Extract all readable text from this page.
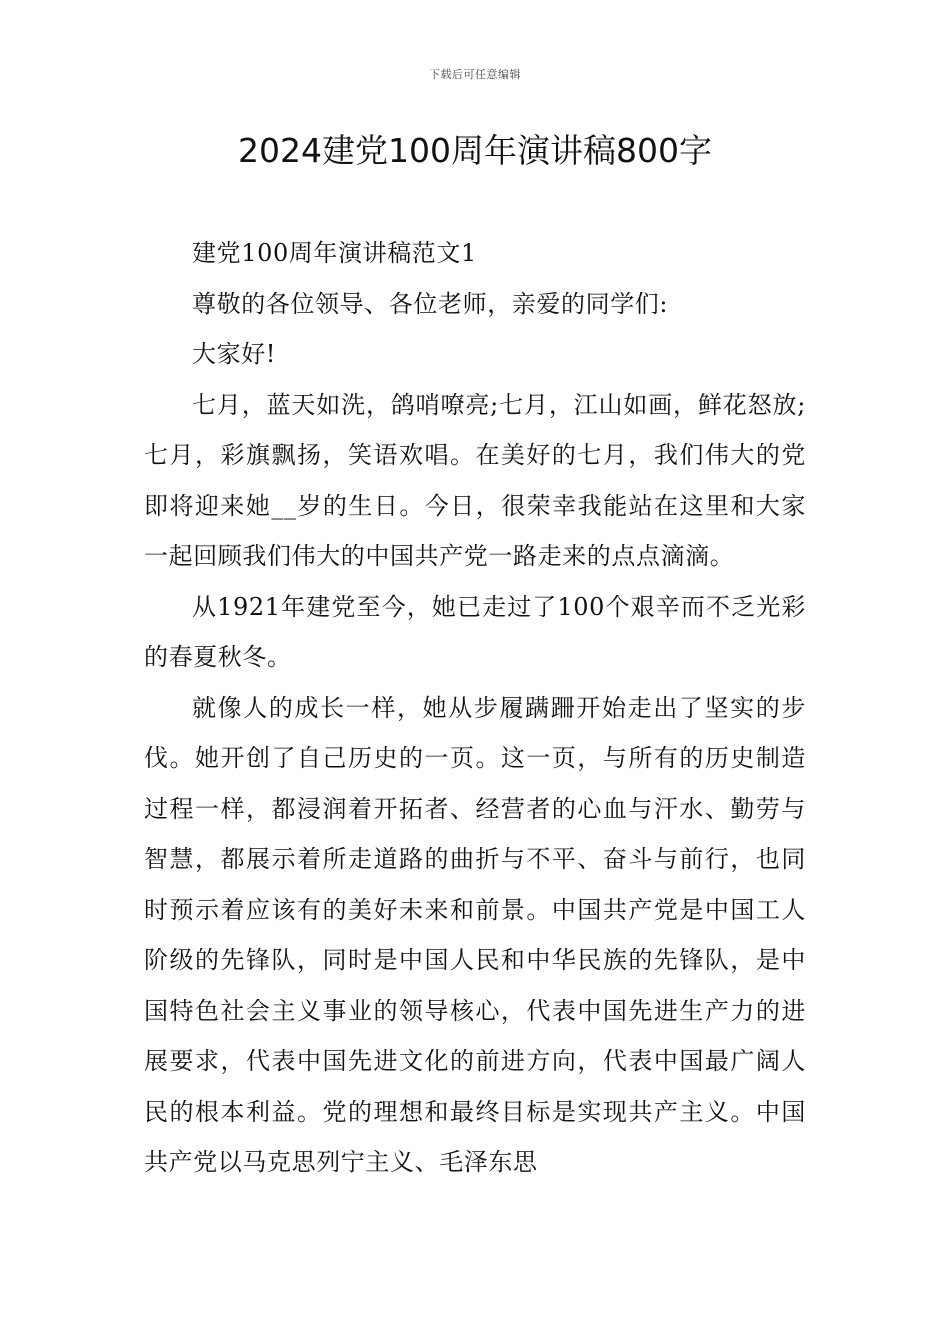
下载后可任意编辑
2024建党100周年演讲稿800字

建党100周年演讲稿范文1

尊敬的各位领导、各位老师，亲爱的同学们:

大家好!

七月，蓝天如洗，鸽哨嘹亮;七月，江山如画，鲜花怒放;七月，彩旗飘扬，笑语欢唱。在美好的七月，我们伟大的党即将迎来她__岁的生日。今日，很荣幸我能站在这里和大家一起回顾我们伟大的中国共产党一路走来的点点滴滴。

从1921年建党至今，她已走过了100个艰辛而不乏光彩的春夏秋冬。

就像人的成长一样，她从步履蹒跚开始走出了坚实的步伐。她开创了自己历史的一页。这一页，与所有的历史制造过程一样，都浸润着开拓者、经营者的心血与汗水、勤劳与智慧，都展示着所走道路的曲折与不平、奋斗与前行，也同时预示着应该有的美好未来和前景。中国共产党是中国工人阶级的先锋队，同时是中国人民和中华民族的先锋队，是中国特色社会主义事业的领导核心，代表中国先进生产力的进展要求，代表中国先进文化的前进方向，代表中国最广阔人民的根本利益。党的理想和最终目标是实现共产主义。中国共产党以马克思列宁主义、毛泽东思
